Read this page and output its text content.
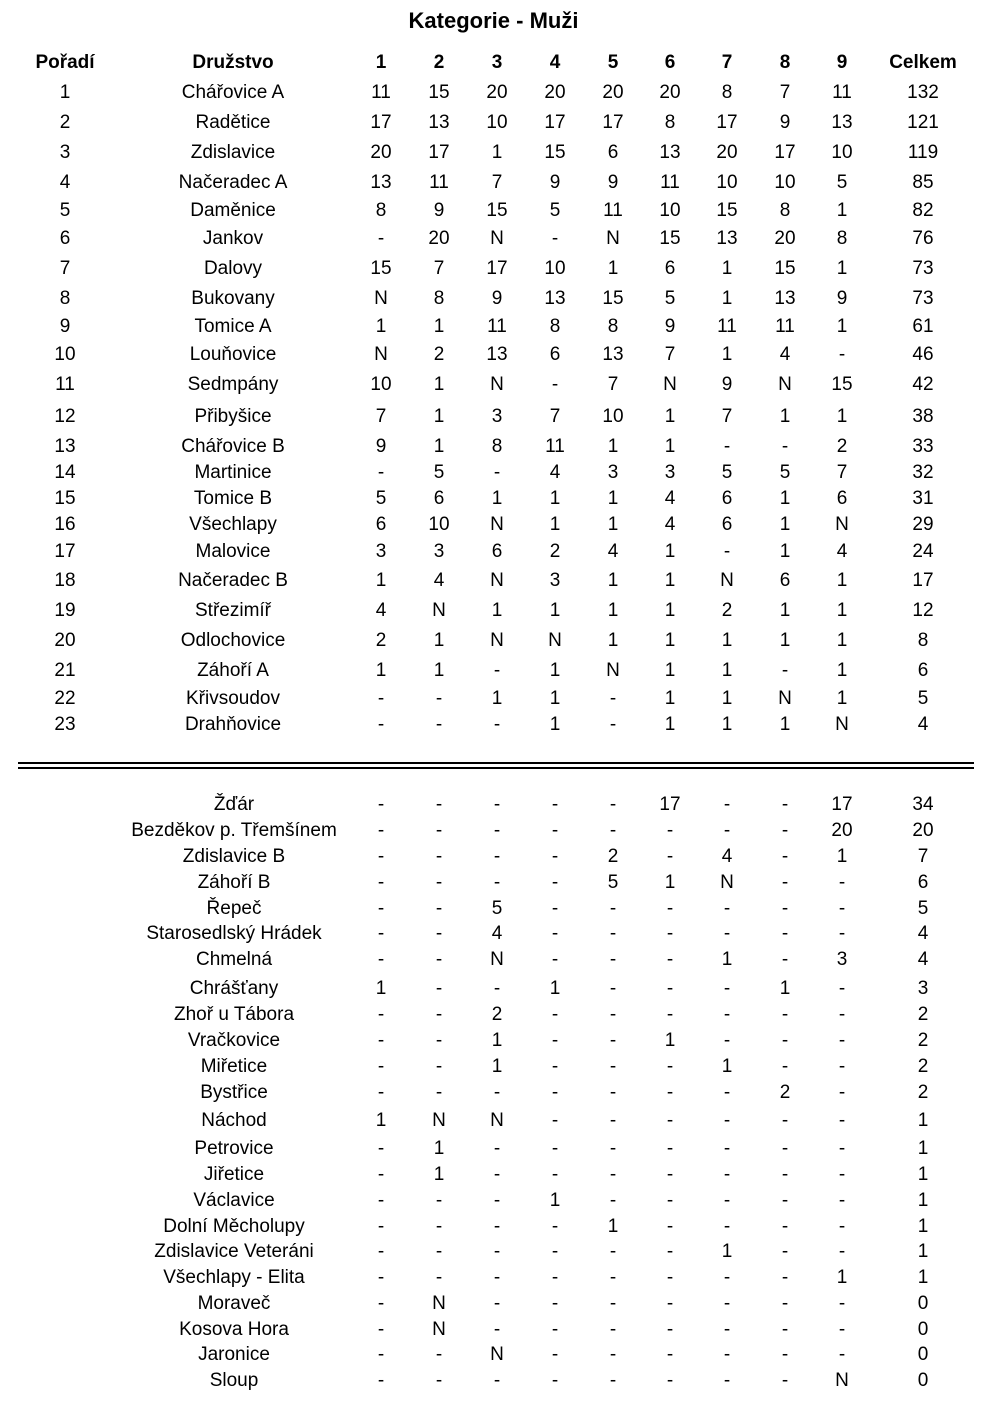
Kategorie - Muži
Pořadí	Družstvo	1	2	3	4	5	6	7	8	9	Celkem
1	Chářovice A	11	15	20	20	20	20	8	7	11	132
2	Radětice	17	13	10	17	17	8	17	9	13	121
3	Zdislavice	20	17	1	15	6	13	20	17	10	119
4	Načeradec A	13	11	7	9	9	11	10	10	5	85
5	Daměnice	8	9	15	5	11	10	15	8	1	82
6	Jankov	-	20	N	-	N	15	13	20	8	76
7	Dalovy	15	7	17	10	1	6	1	15	1	73
8	Bukovany	N	8	9	13	15	5	1	13	9	73
9	Tomice A	1	1	11	8	8	9	11	11	1	61
10	Louňovice	N	2	13	6	13	7	1	4	-	46
11	Sedmpány	10	1	N	-	7	N	9	N	15	42
12	Přibyšice	7	1	3	7	10	1	7	1	1	38
13	Chářovice B	9	1	8	11	1	1	-	-	2	33
14	Martinice	-	5	-	4	3	3	5	5	7	32
15	Tomice B	5	6	1	1	1	4	6	1	6	31
16	Všechlapy	6	10	N	1	1	4	6	1	N	29
17	Malovice	3	3	6	2	4	1	-	1	4	24
18	Načeradec B	1	4	N	3	1	1	N	6	1	17
19	Střezimíř	4	N	1	1	1	1	2	1	1	12
20	Odlochovice	2	1	N	N	1	1	1	1	1	8
21	Záhoří A	1	1	-	1	N	1	1	-	1	6
22	Křivsoudov	-	-	1	1	-	1	1	N	1	5
23	Drahňovice	-	-	-	1	-	1	1	1	N	4
Žďár	-	-	-	-	-	17	-	-	17	34
Bezděkov p. Třemšínem	-	-	-	-	-	-	-	-	20	20
Zdislavice B	-	-	-	-	2	-	4	-	1	7
Záhoří B	-	-	-	-	5	1	N	-	-	6
Řepeč	-	-	5	-	-	-	-	-	-	5
Starosedlský Hrádek	-	-	4	-	-	-	-	-	-	4
Chmelná	-	-	N	-	-	-	1	-	3	4
Chrášťany	1	-	-	1	-	-	-	1	-	3
Zhoř u Tábora	-	-	2	-	-	-	-	-	-	2
Vračkovice	-	-	1	-	-	1	-	-	-	2
Miřetice	-	-	1	-	-	-	1	-	-	2
Bystřice	-	-	-	-	-	-	-	2	-	2
Náchod	1	N	N	-	-	-	-	-	-	1
Petrovice	-	1	-	-	-	-	-	-	-	1
Jiřetice	-	1	-	-	-	-	-	-	-	1
Václavice	-	-	-	1	-	-	-	-	-	1
Dolní Měcholupy	-	-	-	-	1	-	-	-	-	1
Zdislavice Veteráni	-	-	-	-	-	-	1	-	-	1
Všechlapy - Elita	-	-	-	-	-	-	-	-	1	1
Moraveč	-	N	-	-	-	-	-	-	-	0
Kosova Hora	-	N	-	-	-	-	-	-	-	0
Jaronice	-	-	N	-	-	-	-	-	-	0
Sloup	-	-	-	-	-	-	-	-	N	0
